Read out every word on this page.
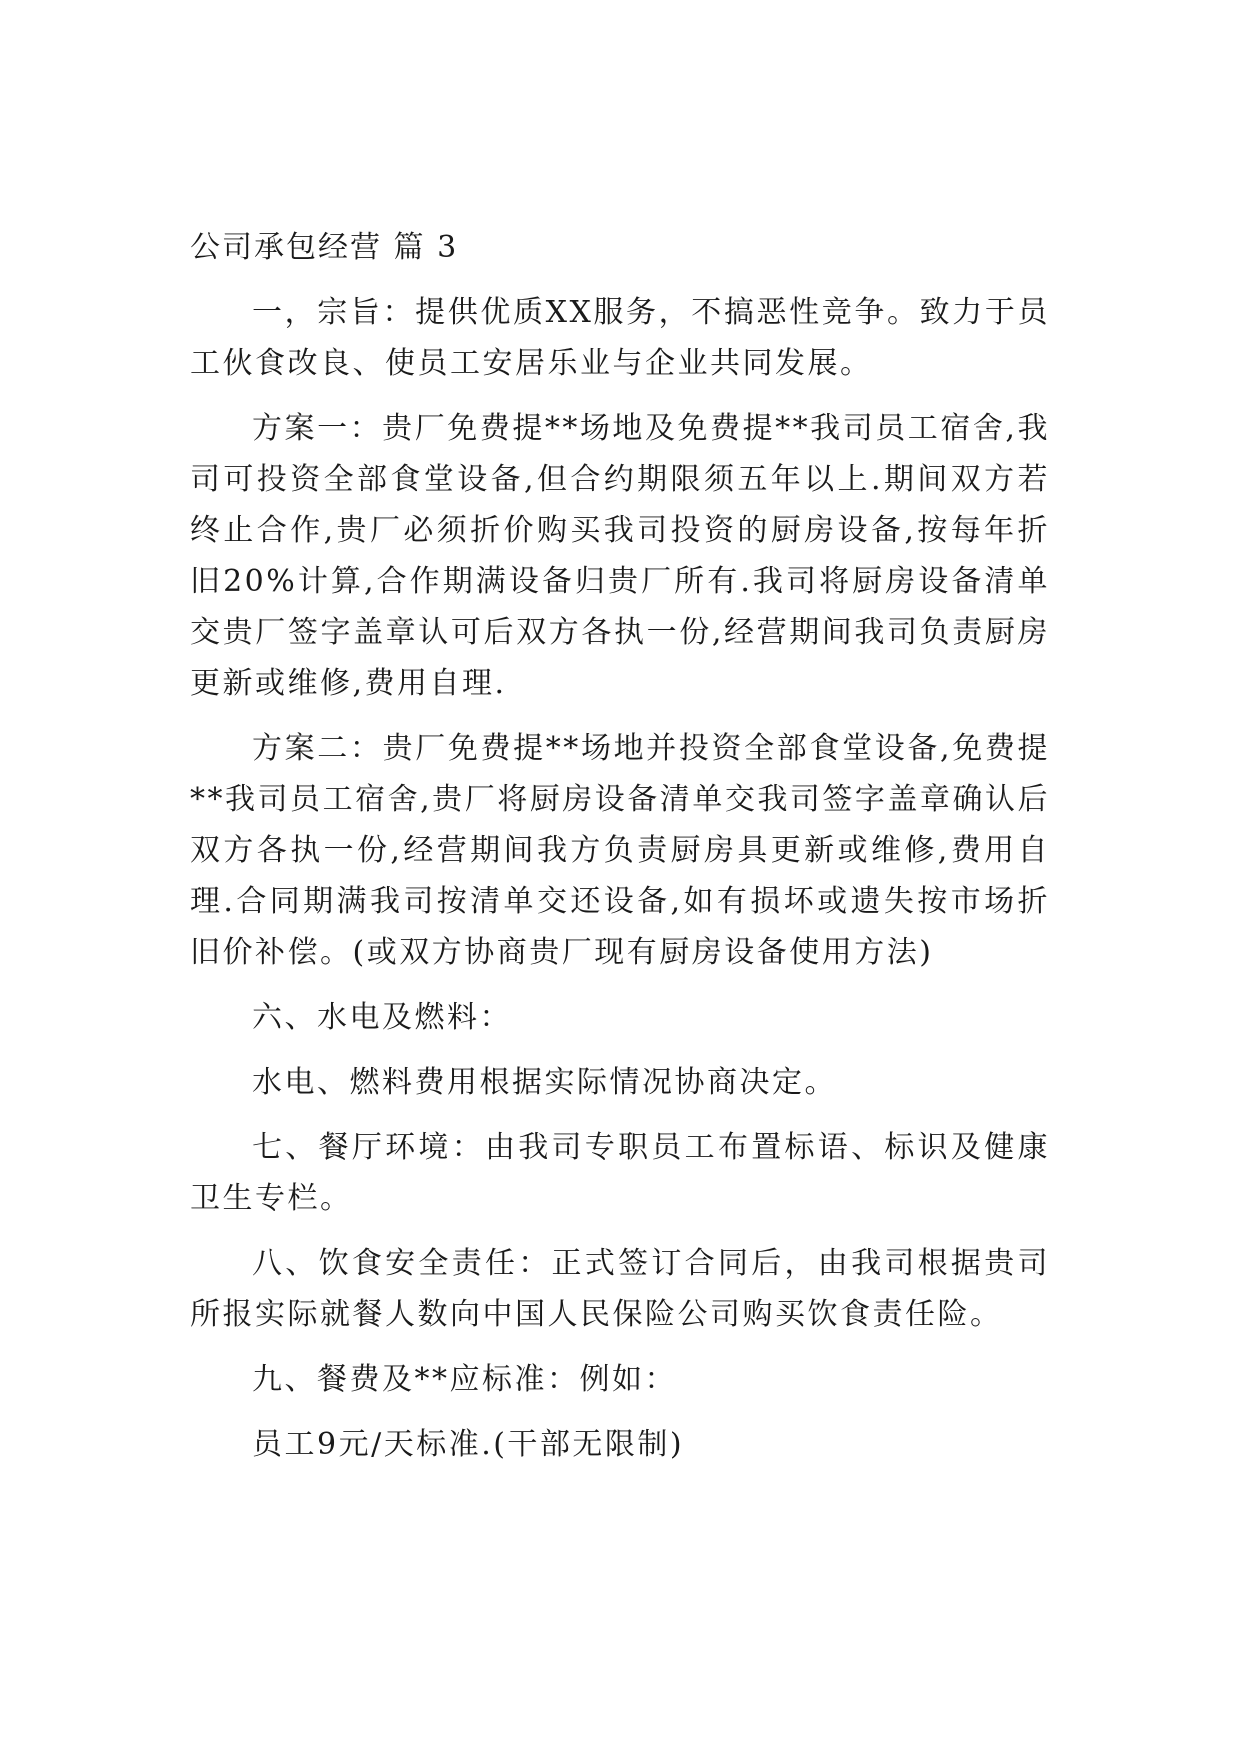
公司承包经营 篇 3

一，宗旨：提供优质XX服务，不搞恶性竞争。致力于员工伙食改良、使员工安居乐业与企业共同发展。

方案一：贵厂免费提**场地及免费提**我司员工宿舍,我司可投资全部食堂设备,但合约期限须五年以上.期间双方若终止合作,贵厂必须折价购买我司投资的厨房设备,按每年折旧20%计算,合作期满设备归贵厂所有.我司将厨房设备清单交贵厂签字盖章认可后双方各执一份,经营期间我司负责厨房更新或维修,费用自理.

方案二：贵厂免费提**场地并投资全部食堂设备,免费提**我司员工宿舍,贵厂将厨房设备清单交我司签字盖章确认后双方各执一份,经营期间我方负责厨房具更新或维修,费用自理.合同期满我司按清单交还设备,如有损坏或遗失按市场折旧价补偿。(或双方协商贵厂现有厨房设备使用方法)

六、水电及燃料：

水电、燃料费用根据实际情况协商决定。

七、餐厅环境：由我司专职员工布置标语、标识及健康卫生专栏。

八、饮食安全责任：正式签订合同后，由我司根据贵司所报实际就餐人数向中国人民保险公司购买饮食责任险。

九、餐费及**应标准：例如：

员工9元/天标准.(干部无限制)
